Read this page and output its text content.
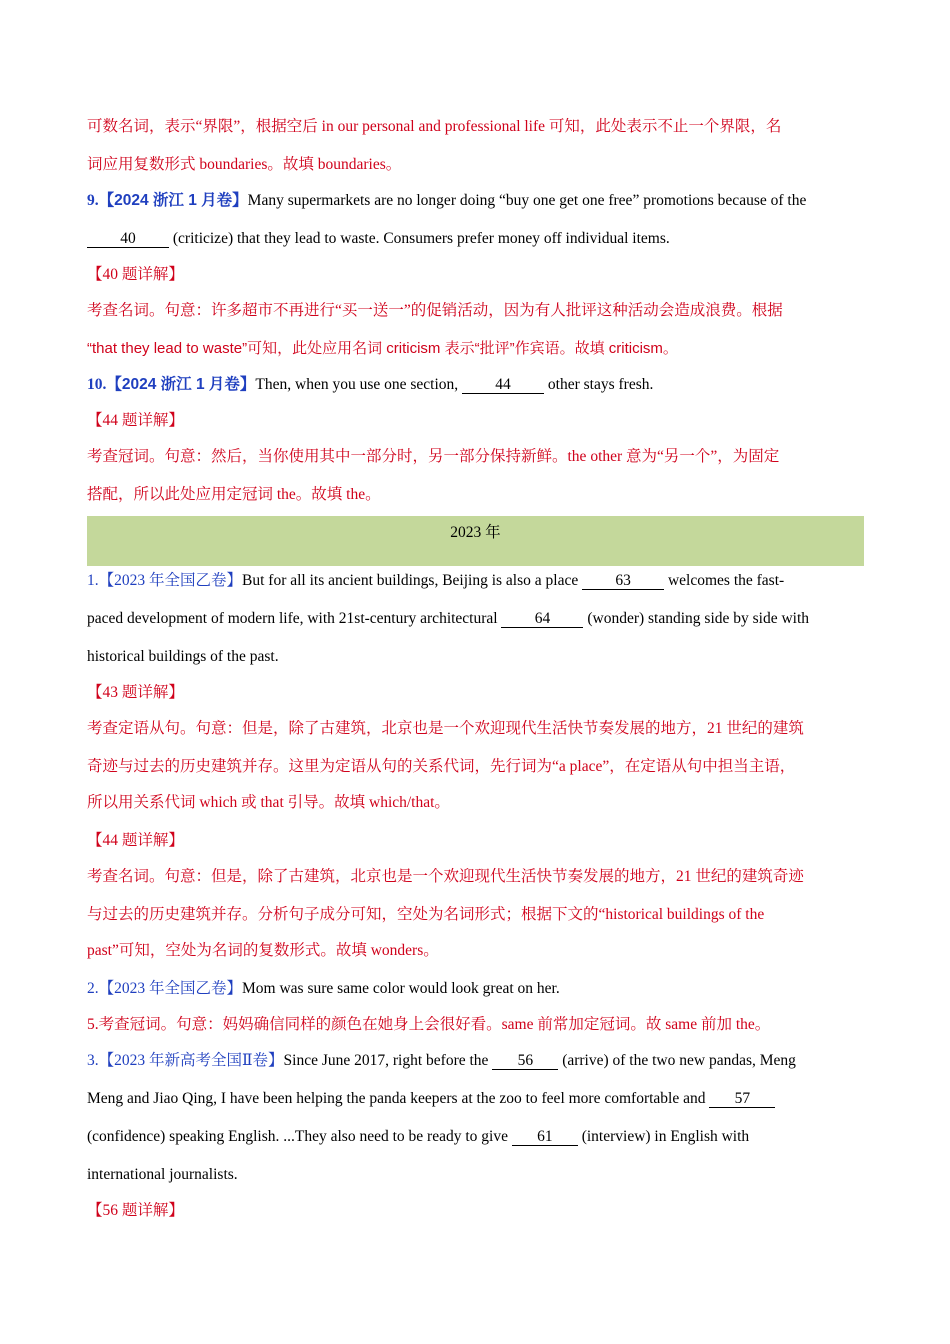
可数名词，表示“界限”，根据空后 in our personal and professional life 可知，此处表示不止一个界限，名
词应用复数形式 boundaries。故填 boundaries。
9.【2024 浙江 1 月卷】Many supermarkets are no longer doing “buy one get one free” promotions because of the
40 (criticize) that they lead to waste. Consumers prefer money off individual items.
【40 题详解】
考查名词。句意：许多超市不再进行“买一送一”的促销活动，因为有人批评这种活动会造成浪费。根据
“that they lead to waste”可知，此处应用名词 criticism 表示“批评”作宾语。故填 criticism。
10.【2024 浙江 1 月卷】Then, when you use one section, 44 other stays fresh.
【44 题详解】
考查冠词。句意：然后，当你使用其中一部分时，另一部分保持新鲜。the other 意为“另一个”，为固定
搭配，所以此处应用定冠词 the。故填 the。
2023 年
1.【2023 年全国乙卷】But for all its ancient buildings, Beijing is also a place 63 welcomes the fast-
paced development of modern life, with 21st-century architectural 64 (wonder) standing side by side with
historical buildings of the past.
【43 题详解】
考查定语从句。句意：但是，除了古建筑，北京也是一个欢迎现代生活快节奏发展的地方，21 世纪的建筑
奇迹与过去的历史建筑并存。这里为定语从句的关系代词，先行词为“a place”，在定语从句中担当主语，
所以用关系代词 which 或 that 引导。故填 which/that。
【44 题详解】
考查名词。句意：但是，除了古建筑，北京也是一个欢迎现代生活快节奏发展的地方，21 世纪的建筑奇迹
与过去的历史建筑并存。分析句子成分可知，空处为名词形式；根据下文的“historical buildings of the
past”可知，空处为名词的复数形式。故填 wonders。
2.【2023 年全国乙卷】Mom was sure same color would look great on her.
5.考查冠词。句意：妈妈确信同样的颜色在她身上会很好看。same 前常加定冠词。故 same 前加 the。
3.【2023 年新高考全国Ⅱ卷】Since June 2017, right before the 56 (arrive) of the two new pandas, Meng
Meng and Jiao Qing, I have been helping the panda keepers at the zoo to feel more comfortable and 57
(confidence) speaking English. ...They also need to be ready to give 61 (interview) in English with
international journalists.
【56 题详解】
